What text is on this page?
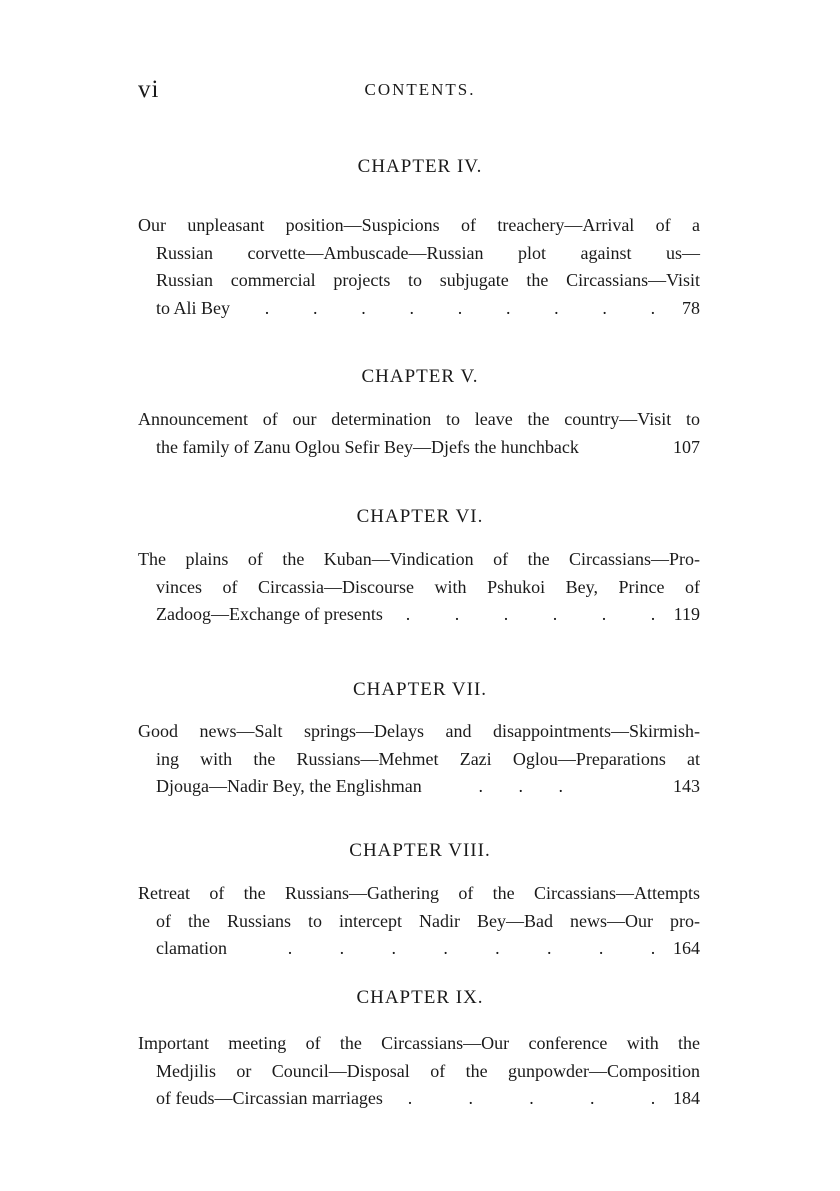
vi	CONTENTS.
CHAPTER IV.
Our unpleasant position—Suspicions of treachery—Arrival of a
Russian corvette—Ambuscade—Russian plot against us—
Russian commercial projects to subjugate the Circassians—Visit
to Ali Bey . . . . . . . . .	78
CHAPTER V.
Announcement of our determination to leave the country—Visit to
the family of Zanu Oglou Sefir Bey—Djefs the hunchback	107
CHAPTER VI.
The plains of the Kuban—Vindication of the Circassians—Pro-
vinces of Circassia—Discourse with Pshukoi Bey, Prince of
Zadoog—Exchange of presents . . . . . .	119
CHAPTER VII.
Good news—Salt springs—Delays and disappointments—Skirmish-
ing with the Russians—Mehmet Zazi Oglou—Preparations at
Djouga—Nadir Bey, the Englishman	. . .	143
CHAPTER VIII.
Retreat of the Russians—Gathering of the Circassians—Attempts
of the Russians to intercept Nadir Bey—Bad news—Our pro-
clamation	.	.	.	.	.	.	.	. 164
CHAPTER IX.
Important meeting of the Circassians—Our conference with the
Medjilis or Council—Disposal of the gunpowder—Composition
of feuds—Circassian marriages .	.	.	.	. 184
